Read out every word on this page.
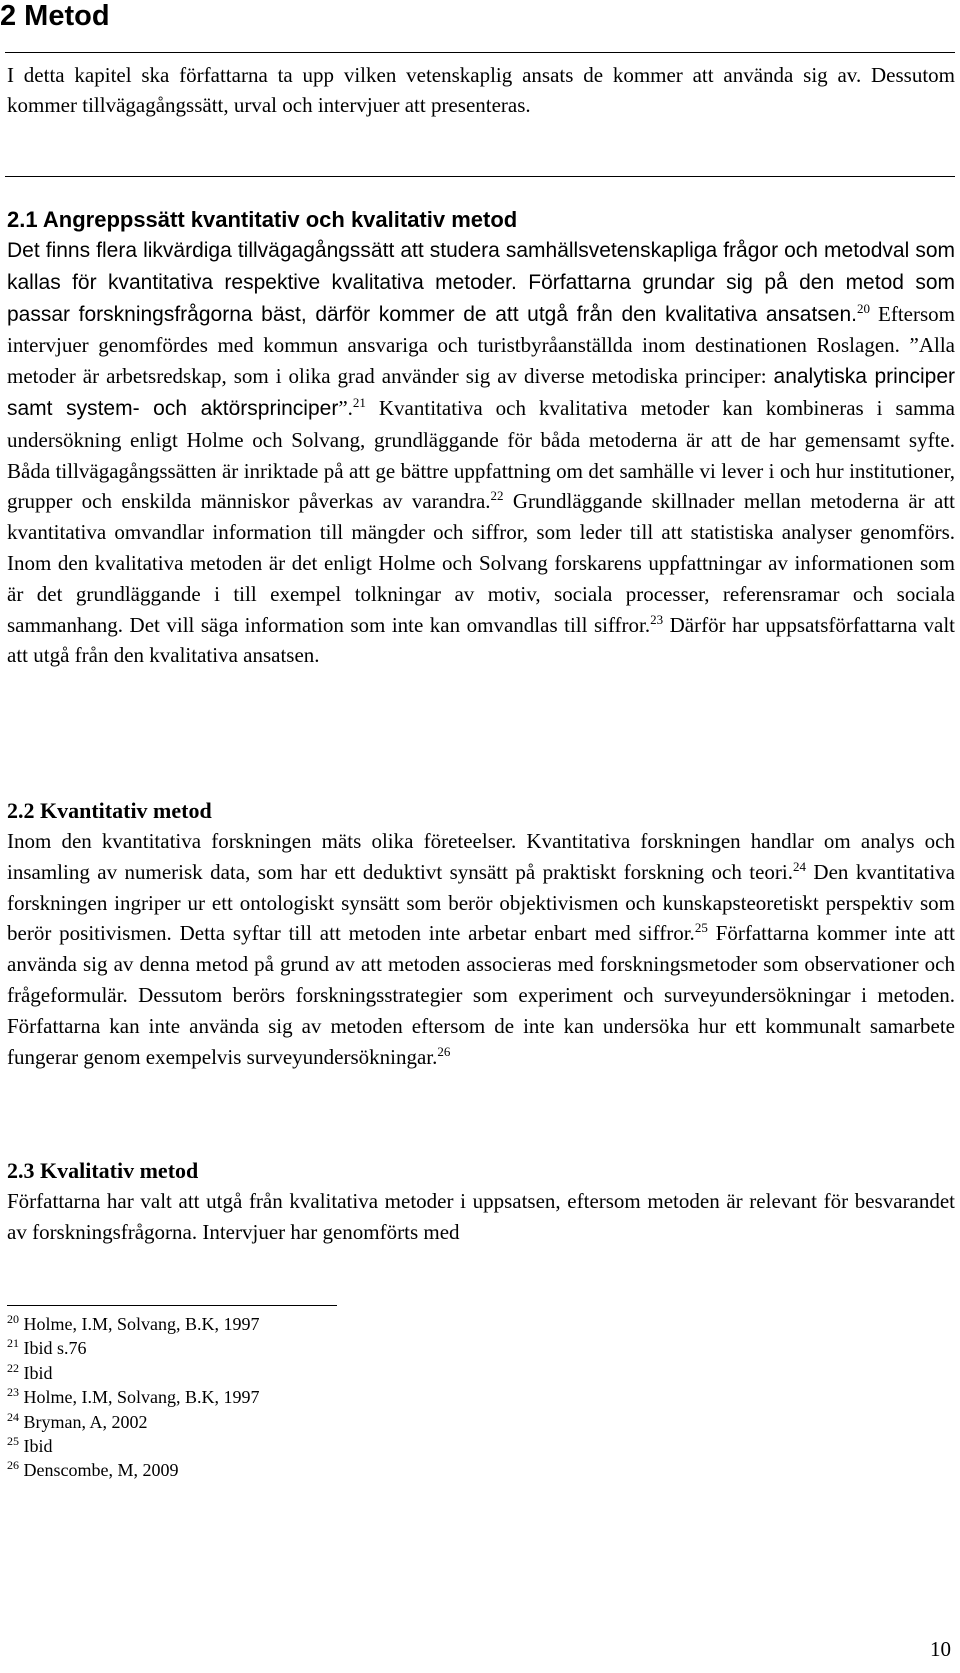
2 Metod

I detta kapitel ska författarna ta upp vilken vetenskaplig ansats de kommer att använda sig av. Dessutom kommer tillvägagångssätt, urval och intervjuer att presenteras.

2.1 Angreppssätt kvantitativ och kvalitativ metod

Det finns flera likvärdiga tillvägagångssätt att studera samhällsvetenskapliga frågor och metodval som kallas för kvantitativa respektive kvalitativa metoder. Författarna grundar sig på den metod som passar forskningsfrågorna bäst, därför kommer de att utgå från den kvalitativa ansatsen.$^{20}$ Eftersom intervjuer genomfördes med kommun ansvariga och turistbyråanställda inom destinationen Roslagen. ”Alla metoder är arbetsredskap, som i olika grad använder sig av diverse metodiska principer: analytiska principer samt system- och aktörsprinciper”.$^{21}$ Kvantitativa och kvalitativa metoder kan kombineras i samma undersökning enligt Holme och Solvang, grundläggande för båda metoderna är att de har gemensamt syfte. Båda tillvägagångssätten är inriktade på att ge bättre uppfattning om det samhälle vi lever i och hur institutioner, grupper och enskilda människor påverkas av varandra.$^{22}$ Grundläggande skillnader mellan metoderna är att kvantitativa omvandlar information till mängder och siffror, som leder till att statistiska analyser genomförs. Inom den kvalitativa metoden är det enligt Holme och Solvang forskarens uppfattningar av informationen som är det grundläggande i till exempel tolkningar av motiv, sociala processer, referensramar och sociala sammanhang. Det vill säga information som inte kan omvandlas till siffror.$^{23}$ Därför har uppsatsförfattarna valt att utgå från den kvalitativa ansatsen.

2.2 Kvantitativ metod

Inom den kvantitativa forskningen mäts olika företeelser. Kvantitativa forskningen handlar om analys och insamling av numerisk data, som har ett deduktivt synsätt på praktiskt forskning och teori.$^{24}$ Den kvantitativa forskningen ingriper ur ett ontologiskt synsätt som berör objektivismen och kunskapsteoretiskt perspektiv som berör positivismen. Detta syftar till att metoden inte arbetar enbart med siffror.$^{25}$ Författarna kommer inte att använda sig av denna metod på grund av att metoden associeras med forskningsmetoder som observationer och frågeformulär. Dessutom berörs forskningsstrategier som experiment och surveyundersökningar i metoden. Författarna kan inte använda sig av metoden eftersom de inte kan undersöka hur ett kommunalt samarbete fungerar genom exempelvis surveyundersökningar.$^{26}$

2.3 Kvalitativ metod

Författarna har valt att utgå från kvalitativa metoder i uppsatsen, eftersom metoden är relevant för besvarandet av forskningsfrågorna. Intervjuer har genomförts med

$^{20}$ Holme, I.M, Solvang, B.K, 1997
$^{21}$ Ibid s.76
$^{22}$ Ibid
$^{23}$ Holme, I.M, Solvang, B.K, 1997
$^{24}$ Bryman, A, 2002
$^{25}$ Ibid
$^{26}$ Denscombe, M, 2009
10
